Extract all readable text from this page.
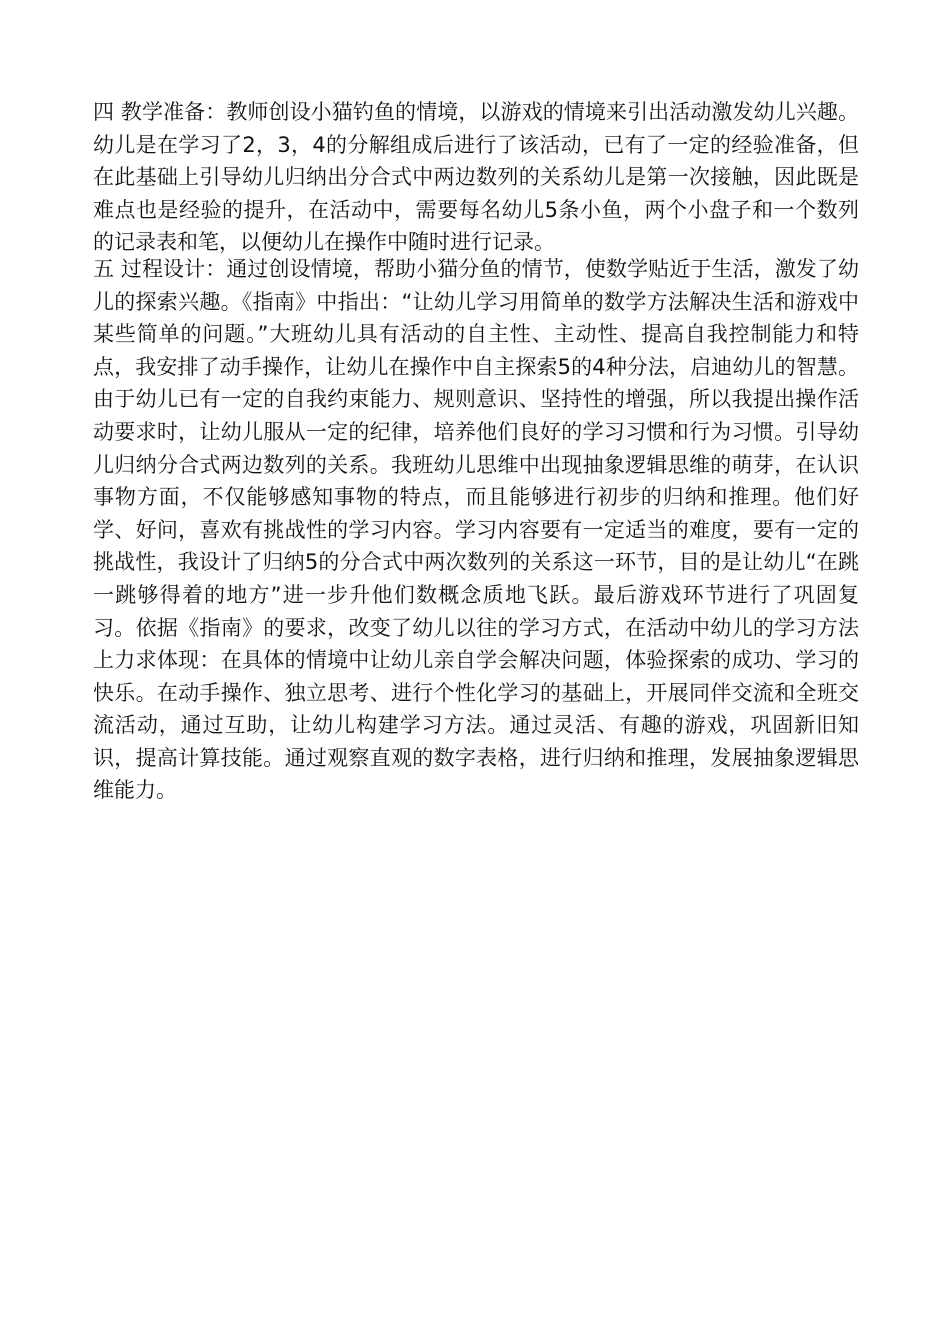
四 教学准备：教师创设小猫钓鱼的情境，以游戏的情境来引出活动激发幼儿兴趣。幼儿是在学习了2，3，4的分解组成后进行了该活动，已有了一定的经验准备，但在此基础上引导幼儿归纳出分合式中两边数列的关系幼儿是第一次接触，因此既是难点也是经验的提升，在活动中，需要每名幼儿5条小鱼，两个小盘子和一个数列的记录表和笔，以便幼儿在操作中随时进行记录。

五 过程设计：通过创设情境，帮助小猫分鱼的情节，使数学贴近于生活，激发了幼儿的探索兴趣。《指南》中指出：“让幼儿学习用简单的数学方法解决生活和游戏中某些简单的问题。”大班幼儿具有活动的自主性、主动性、提高自我控制能力和特点，我安排了动手操作，让幼儿在操作中自主探索5的4种分法，启迪幼儿的智慧。由于幼儿已有一定的自我约束能力、规则意识、坚持性的增强，所以我提出操作活动要求时，让幼儿服从一定的纪律，培养他们良好的学习习惯和行为习惯。引导幼儿归纳分合式两边数列的关系。我班幼儿思维中出现抽象逻辑思维的萌芽，在认识事物方面，不仅能够感知事物的特点，而且能够进行初步的归纳和推理。他们好学、好问，喜欢有挑战性的学习内容。学习内容要有一定适当的难度，要有一定的挑战性，我设计了归纳5的分合式中两次数列的关系这一环节，目的是让幼儿“在跳一跳够得着的地方”进一步升他们数概念质地飞跃。最后游戏环节进行了巩固复习。依据《指南》的要求，改变了幼儿以往的学习方式，在活动中幼儿的学习方法上力求体现：在具体的情境中让幼儿亲自学会解决问题，体验探索的成功、学习的快乐。在动手操作、独立思考、进行个性化学习的基础上，开展同伴交流和全班交流活动，通过互助，让幼儿构建学习方法。通过灵活、有趣的游戏，巩固新旧知识，提高计算技能。通过观察直观的数字表格，进行归纳和推理，发展抽象逻辑思维能力。
